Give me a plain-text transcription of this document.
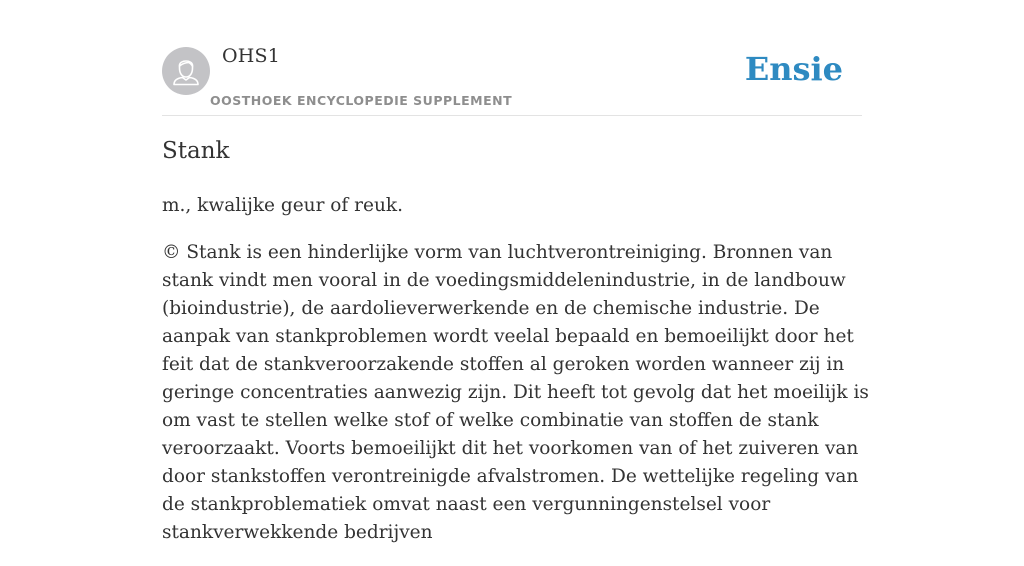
OHS1
OOSTHOEK ENCYCLOPEDIE SUPPLEMENT
Ensie
Stank

m., kwalijke geur of reuk.

© Stank is een hinderlijke vorm van luchtverontreiniging. Bronnen van stank vindt men vooral in de voedingsmiddelenindustrie, in de landbouw (bioindustrie), de aardolieverwerkende en de chemische industrie. De aanpak van stankproblemen wordt veelal bepaald en bemoeilijkt door het feit dat de stankveroorzakende stoffen al geroken worden wanneer zij in geringe concentraties aanwezig zijn. Dit heeft tot gevolg dat het moeilijk is om vast te stellen welke stof of welke combinatie van stoffen de stank veroorzaakt. Voorts bemoeilijkt dit het voorkomen van of het zuiveren van door stankstoffen verontreinigde afvalstromen. De wettelijke regeling van de stankproblematiek omvat naast een vergunningenstelsel voor stankverwekkende bedrijven
